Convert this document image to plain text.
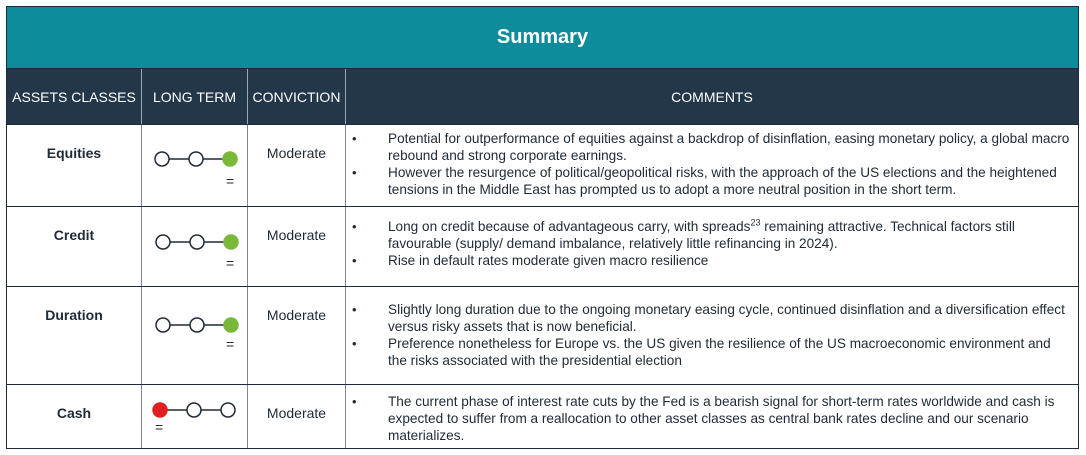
Summary
ASSETS CLASSES	LONG TERM	CONVICTION	COMMENTS
Equities
=
Moderate
• Potential for outperformance of equities against a backdrop of disinflation, easing monetary policy, a global macro rebound and strong corporate earnings.
• However the resurgence of political/geopolitical risks, with the approach of the US elections and the heightened tensions in the Middle East has prompted us to adopt a more neutral position in the short term.
Credit
=
Moderate
• Long on credit because of advantageous carry, with spreads$^{23}$ remaining attractive. Technical factors still favourable (supply/ demand imbalance, relatively little refinancing in 2024).
• Rise in default rates moderate given macro resilience
Duration
=
Moderate
•	Slightly long duration due to the ongoing monetary easing cycle, continued disinflation and a diversification effect versus risky assets that is now beneficial.
• Preference nonetheless for Europe vs. the US given the resilience of the US macroeconomic environment and the risks associated with the presidential election
Cash
=
Moderate
• The current phase of interest rate cuts by the Fed is a bearish signal for short-term rates worldwide and cash is expected to suffer from a reallocation to other asset classes as central bank rates decline and our scenario materializes.
